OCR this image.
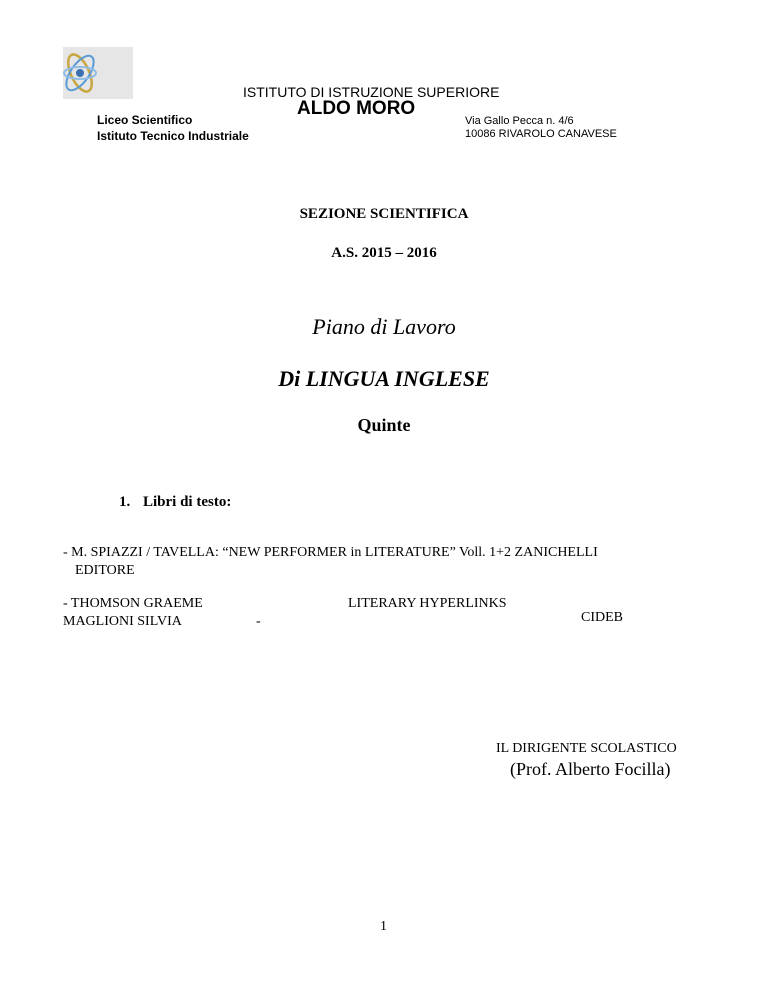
ISTITUTO DI ISTRUZIONE SUPERIORE
ALDO MORO
Liceo Scientifico
Istituto Tecnico Industriale
Via Gallo Pecca n. 4/6
10086 RIVAROLO CANAVESE
SEZIONE SCIENTIFICA
A.S. 2015 – 2016
Piano di Lavoro
Di LINGUA INGLESE
Quinte
1. Libri di testo:
- M. SPIAZZI / TAVELLA: “NEW PERFORMER in LITERATURE” Voll. 1+2 ZANICHELLI
EDITORE
- THOMSON GRAEME
MAGLIONI SILVIA	-
LITERARY HYPERLINKS
CIDEB
IL DIRIGENTE SCOLASTICO
(Prof. Alberto Focilla)
1
